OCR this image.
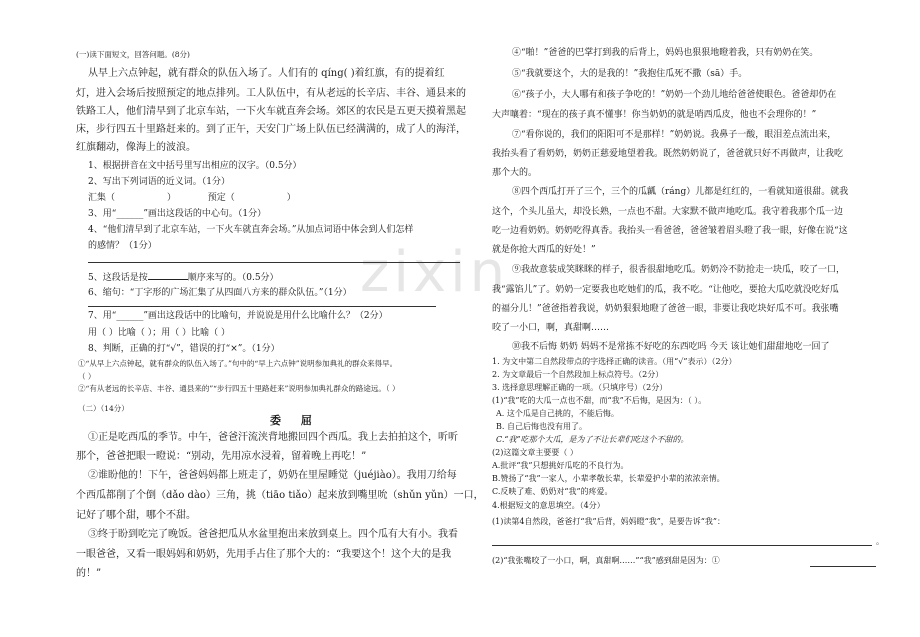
zixin
(一)读下面短文，回答问题。(8分)
从早上六点钟起，就有群众的队伍入场了。人们有的 qíng( )着红旗，有的提着红
灯，进入会场后按照预定的地点排列。工人队伍中，有从老远的长辛店、丰谷、通县来的
铁路工人，他们清早到了北京车站，一下火车就直奔会场。郊区的农民是五更天摸着黑起
床，步行四五十里路赶来的。到了正午，天安门广场上队伍已经满满的，成了人的海洋，
红旗翻动，像海上的波浪。
1、根据拼音在文中括号里写出相应的汉字。（0.5分）
2、写出下列词语的近义词。（1分）
汇集（	）	预定（	）
3、用“______”画出这段话的中心句。（1分）
4、“他们清早到了北京车站，一下火车就直奔会场。”从加点词语中体会到人们怎样
的感情？（1分）
5、这段话是按	顺序来写的。（0.5分）
6、缩句：“丁字形的广场汇集了从四面八方来的群众队伍。”（1分）
7、用“______”画出这段话中的比喻句，并说说是用什么比喻什么？（2分）
用（ ）比喻（ ）；用（ ）比喻（ ）
8、判断，正确的打“√”，错误的打“×”。（1分）
①“从早上六点钟起，就有群众的队伍入场了。”句中的“早上六点钟”说明参加典礼的群众来得早。
（ ）
②“有从老远的长辛店、丰谷、通县来的”“步行四五十里路赶来”说明参加典礼群众的路途远。（ ）
（二）（14分）
委 屈
①正是吃西瓜的季节。中午，爸爸汗流浃背地搬回四个西瓜。我上去拍拍这个，听听
那个，爸爸把眼一瞪说：“别动，先用凉水浸着，留着晚上再吃！”
②谁盼他的！下午，爸爸妈妈都上班走了，奶奶在里屋睡觉（juéjiào）。我用刀给每
个西瓜都削了个倒（dǎo dào）三角，挑（tiāo tiǎo）起来放到嘴里吮（shǔn yǔn）一口，
记好了哪个甜，哪个不甜。
③终于盼到吃完了晚饭。爸爸把瓜从水盆里抱出来放到桌上。四个瓜有大有小。我看
一眼爸爸，又看一眼妈妈和奶奶，先用手占住了那个大的：“我要这个！这个大的是我
的！”
④“啪！”爸爸的巴掌打到我的后背上，妈妈也狠狠地瞪着我，只有奶奶在笑。
⑤“我就要这个，大的是我的！”我抱住瓜死不撒（sā）手。
⑥“孩子小，大人哪有和孩子争吃的！”奶奶一个劲儿地给爸爸使眼色。爸爸却仍在
大声嚷着：“现在的孩子真不懂事！你当奶奶的就是哨西瓜皮，他也不会理你的！”
⑦“看你说的，我们的阳阳可不是那样！”奶奶说。我鼻子一酸，眼泪差点流出来，
我抬头看了看奶奶，奶奶正慈爱地望着我。既然奶奶说了，爸爸就只好不再做声，让我吃
那个大的。
⑧四个西瓜打开了三个，三个的瓜瓤（ráng）儿都是红红的，一看就知道很甜。就我
这个，个头儿虽大，却没长熟，一点也不甜。大家默不做声地吃瓜。我守着我那个瓜一边
吃一边看奶奶。奶奶吃得真香。我抬头一看爸爸，爸爸皱着眉头瞪了我一眼，好像在说“这
就是你抢大西瓜的好处！”
⑨我故意装成笑眯眯的样子，很香很甜地吃瓜。奶奶冷不防抢走一块瓜，咬了一口，
我“露馅儿”了。奶奶一定要我也吃她们的瓜，我不吃。“让他吃，要抢大瓜吃就没吃好瓜
的福分儿！”爸爸指着我说，奶奶狠狠地瞪了爸爸一眼，非要让我吃块好瓜不可。我张嘴
咬了一小口，啊，真甜啊……
⑩我不后悔 奶奶 妈妈不是常拣不好吃的东西吃吗 今天 该让她们甜甜地吃一回了
1. 为文中第二自然段带点的字选择正确的读音。（用“√”表示）（2分）
2. 为文章最后一个自然段加上标点符号。（2分）
3. 选择意思理解正确的一项。（只填序号）（2分）
(1)“我”吃的大瓜一点也不甜，而“我”不后悔，是因为：（ ）。
A. 这个瓜是自己挑的，不能后悔。
B. 自己后悔也没有用了。
C.“我”吃那个大瓜，是为了不让长辈们吃这个不甜的。
(2)这篇文章主要要（ ）
A.批评“我”只想挑好瓜吃的不良行为。
B.赞扬了“我”一家人，小辈孝敬长辈，长辈爱护小辈的浓浓亲情。
C.反映了难、奶奶对“我”的疼爱。
4.根据短文的意思填空。（4分）
(1)读第4自然段，爸爸打“我”后背，妈妈瞪“我”，是要告诉“我”：
。
(2)“我张嘴咬了一小口，啊，真甜啊……”“我”感到甜是因为：①
